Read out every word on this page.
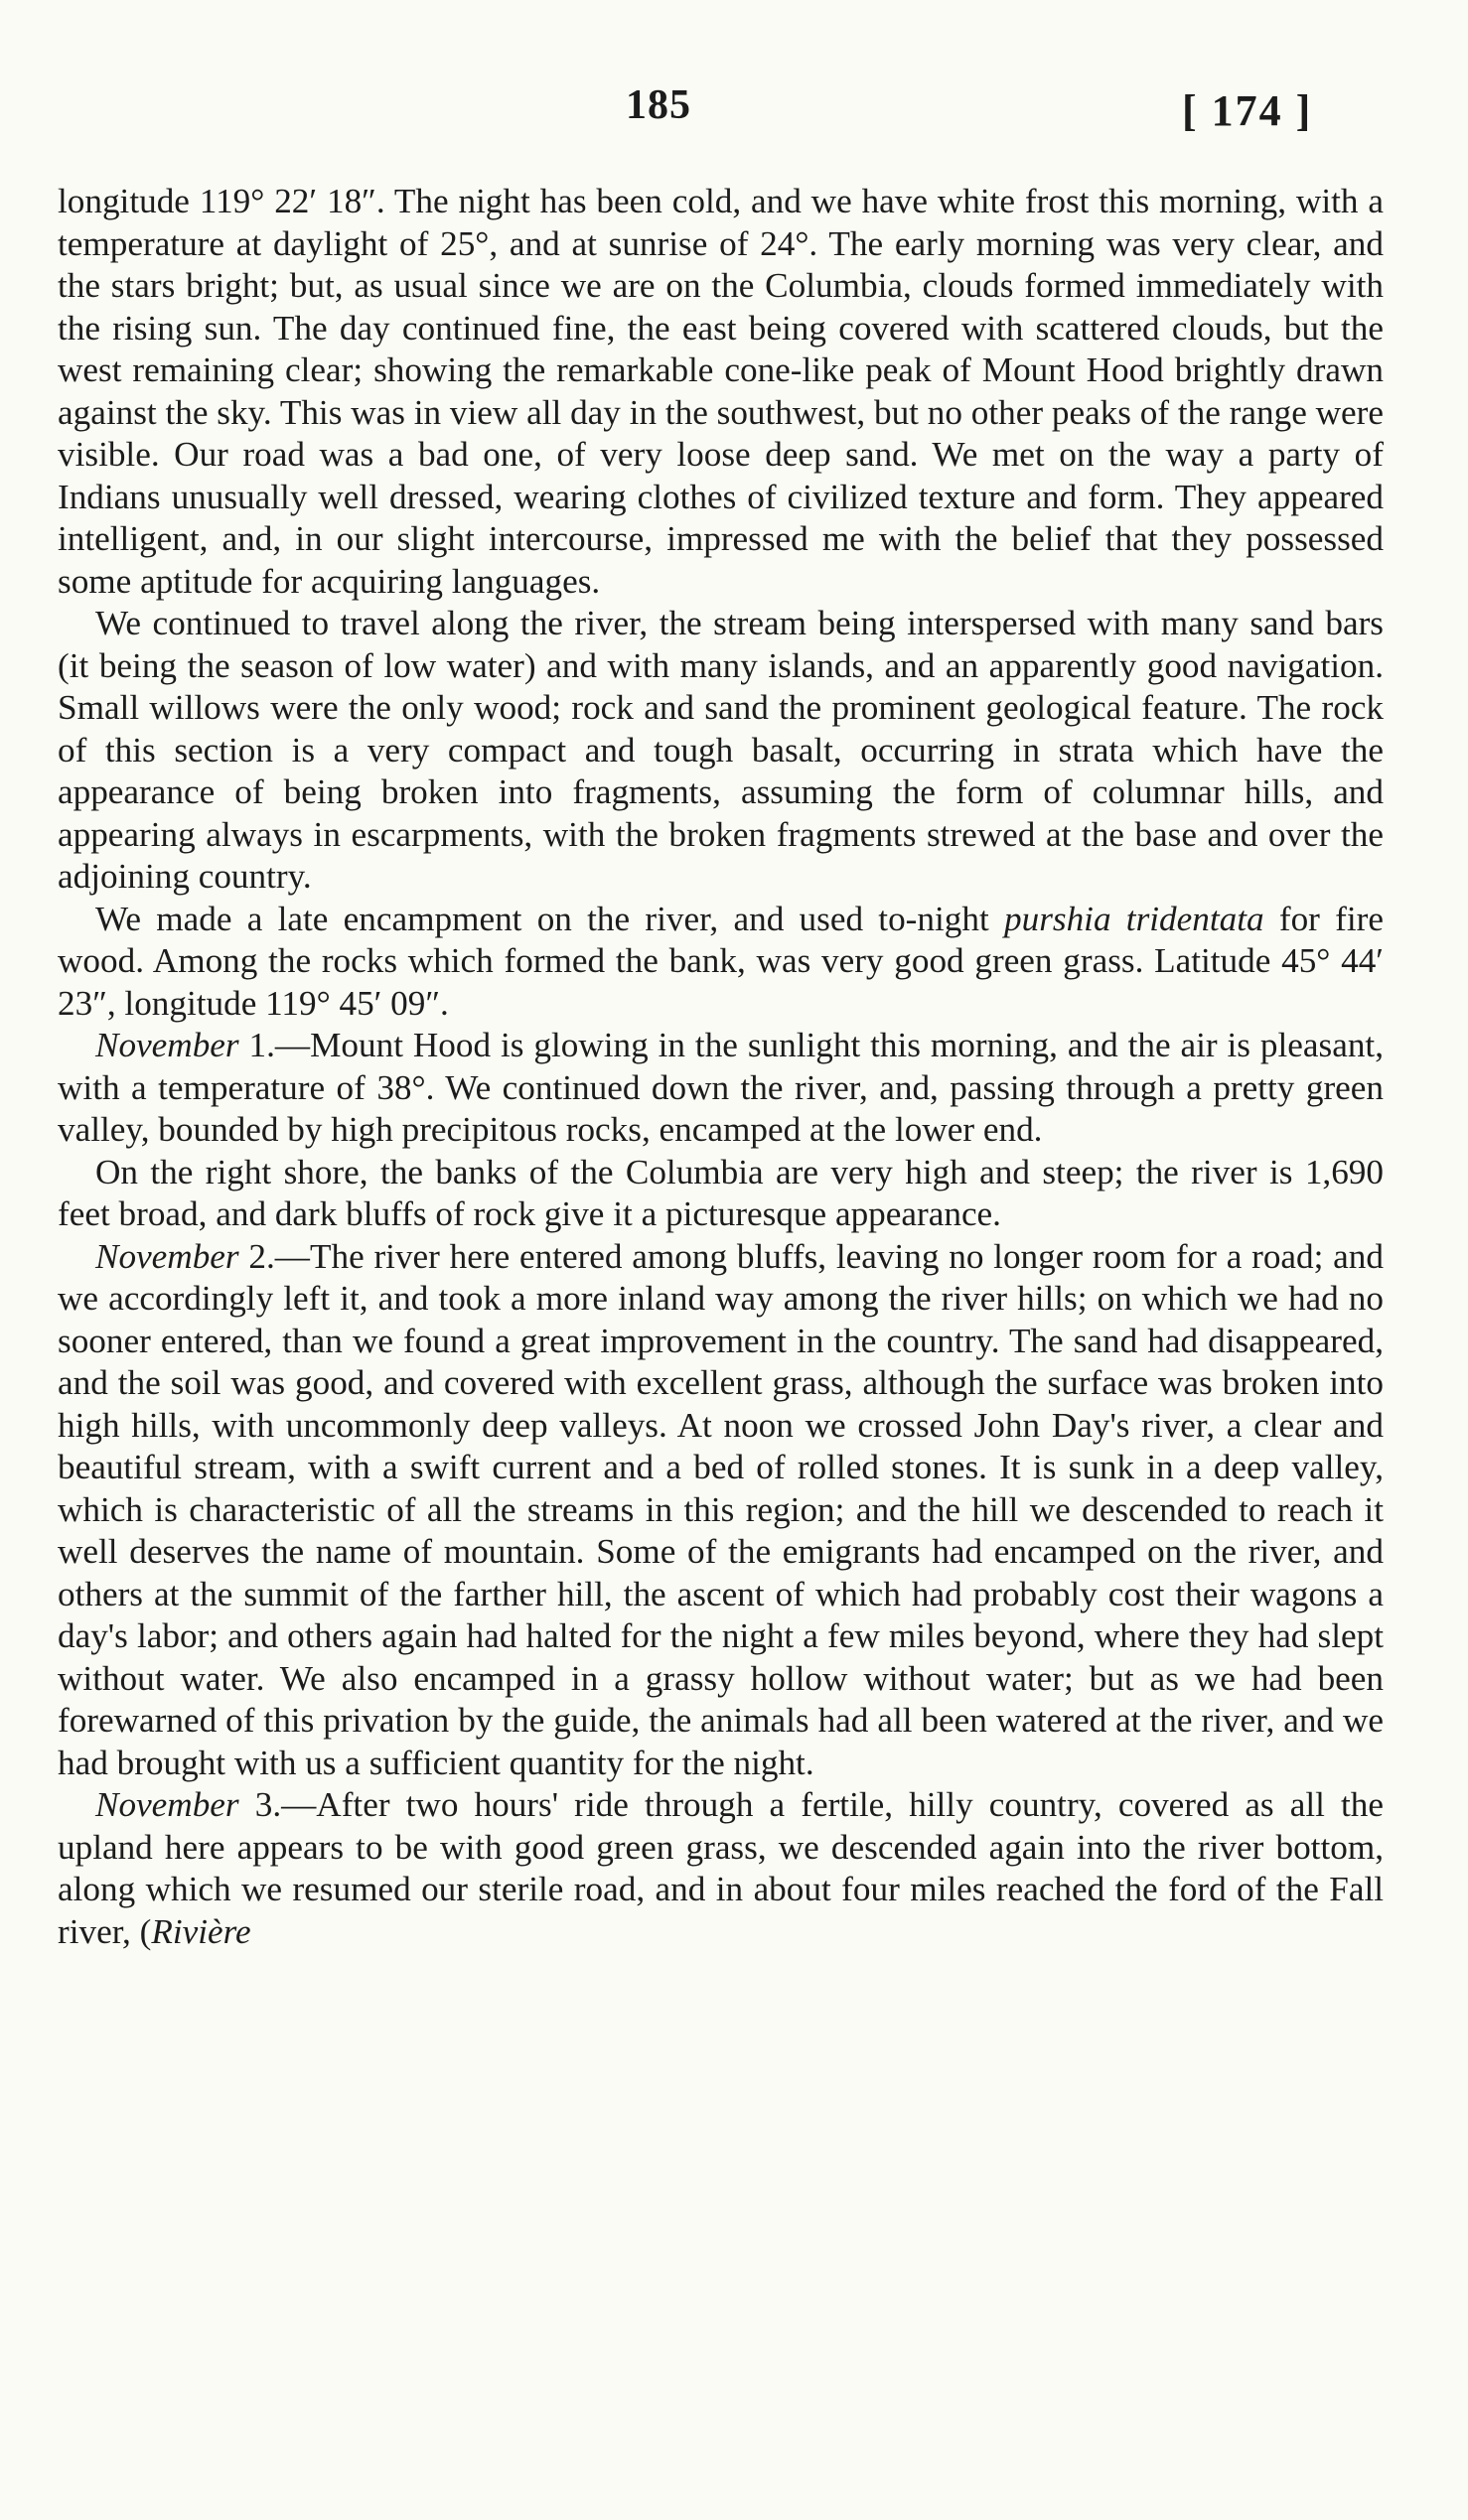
185	[ 174 ]

longitude 119° 22′ 18″. The night has been cold, and we have white frost this morning, with a temperature at daylight of 25°, and at sunrise of 24°. The early morning was very clear, and the stars bright; but, as usual since we are on the Columbia, clouds formed immediately with the rising sun. The day continued fine, the east being covered with scattered clouds, but the west remaining clear; showing the remarkable cone-like peak of Mount Hood brightly drawn against the sky. This was in view all day in the southwest, but no other peaks of the range were visible. Our road was a bad one, of very loose deep sand. We met on the way a party of Indians unusually well dressed, wearing clothes of civilized texture and form. They appeared intelligent, and, in our slight intercourse, impressed me with the belief that they possessed some aptitude for acquiring languages.

We continued to travel along the river, the stream being interspersed with many sand bars (it being the season of low water) and with many islands, and an apparently good navigation. Small willows were the only wood; rock and sand the prominent geological feature. The rock of this section is a very compact and tough basalt, occurring in strata which have the appearance of being broken into fragments, assuming the form of columnar hills, and appearing always in escarpments, with the broken fragments strewed at the base and over the adjoining country.

We made a late encampment on the river, and used to-night purshia tridentata for fire wood. Among the rocks which formed the bank, was very good green grass. Latitude 45° 44′ 23″, longitude 119° 45′ 09″.

November 1.—Mount Hood is glowing in the sunlight this morning, and the air is pleasant, with a temperature of 38°. We continued down the river, and, passing through a pretty green valley, bounded by high precipitous rocks, encamped at the lower end.

On the right shore, the banks of the Columbia are very high and steep; the river is 1,690 feet broad, and dark bluffs of rock give it a picturesque appearance.

November 2.—The river here entered among bluffs, leaving no longer room for a road; and we accordingly left it, and took a more inland way among the river hills; on which we had no sooner entered, than we found a great improvement in the country. The sand had disappeared, and the soil was good, and covered with excellent grass, although the surface was broken into high hills, with uncommonly deep valleys. At noon we crossed John Day's river, a clear and beautiful stream, with a swift current and a bed of rolled stones. It is sunk in a deep valley, which is characteristic of all the streams in this region; and the hill we descended to reach it well deserves the name of mountain. Some of the emigrants had encamped on the river, and others at the summit of the farther hill, the ascent of which had probably cost their wagons a day's labor; and others again had halted for the night a few miles beyond, where they had slept without water. We also encamped in a grassy hollow without water; but as we had been forewarned of this privation by the guide, the animals had all been watered at the river, and we had brought with us a sufficient quantity for the night.

November 3.—After two hours' ride through a fertile, hilly country, covered as all the upland here appears to be with good green grass, we descended again into the river bottom, along which we resumed our sterile road, and in about four miles reached the ford of the Fall river, (Rivière
